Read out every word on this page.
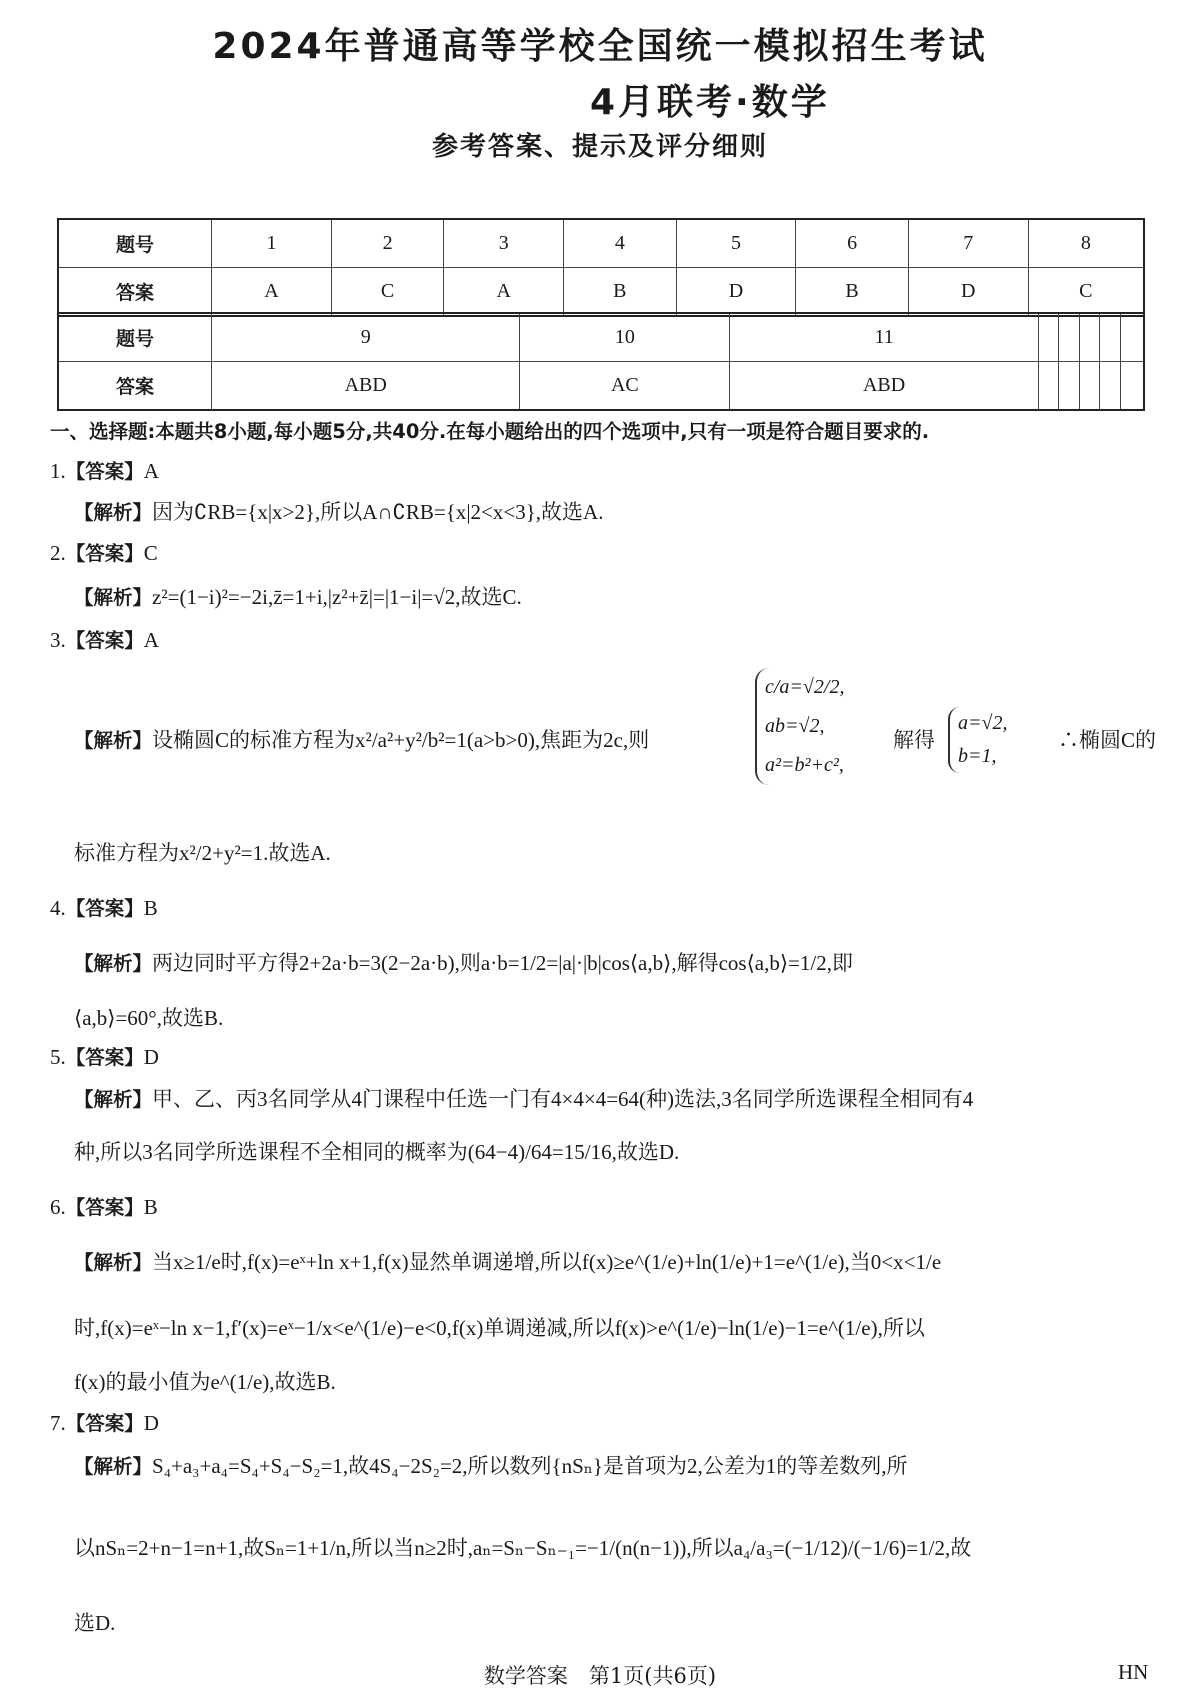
2024年普通高等学校全国统一模拟招生考试
4月联考·数学
参考答案、提示及评分细则
题号	1	2	3	4	5	6	7	8
答案	A	C	A	B	D	B	D	C
题号	9	10	11					
答案	ABD	AC	ABD					
一、选择题:本题共8小题,每小题5分,共40分.在每小题给出的四个选项中,只有一项是符合题目要求的.
1.【答案】A
【解析】因为∁RB={x|x>2},所以A∩∁RB={x|2<x<3},故选A.
2.【答案】C
【解析】z²=(1−i)²=−2i,z̄=1+i,|z²+z̄|=|1−i|=√2,故选C.
3.【答案】A
【解析】设椭圆C的标准方程为x²/a²+y²/b²=1(a>b>0),焦距为2c,则
c/a=√2/2,
ab=√2,
a²=b²+c²,
解得
a=√2,
b=1,
∴椭圆C的
标准方程为x²/2+y²=1.故选A.
4.【答案】B
【解析】两边同时平方得2+2a·b=3(2−2a·b),则a·b=1/2=|a|·|b|cos⟨a,b⟩,解得cos⟨a,b⟩=1/2,即
⟨a,b⟩=60°,故选B.
5.【答案】D
【解析】甲、乙、丙3名同学从4门课程中任选一门有4×4×4=64(种)选法,3名同学所选课程全相同有4
种,所以3名同学所选课程不全相同的概率为(64−4)/64=15/16,故选D.
6.【答案】B
【解析】当x≥1/e时,f(x)=eˣ+ln x+1,f(x)显然单调递增,所以f(x)≥e^(1/e)+ln(1/e)+1=e^(1/e),当0<x<1/e
时,f(x)=eˣ−ln x−1,f′(x)=eˣ−1/x<e^(1/e)−e<0,f(x)单调递减,所以f(x)>e^(1/e)−ln(1/e)−1=e^(1/e),所以
f(x)的最小值为e^(1/e),故选B.
7.【答案】D
【解析】S₄+a₃+a₄=S₄+S₄−S₂=1,故4S₄−2S₂=2,所以数列{nSₙ}是首项为2,公差为1的等差数列,所
以nSₙ=2+n−1=n+1,故Sₙ=1+1/n,所以当n≥2时,aₙ=Sₙ−Sₙ₋₁=−1/(n(n−1)),所以a₄/a₃=(−1/12)/(−1/6)=1/2,故
选D.
数学答案　第1页(共6页)	HN
